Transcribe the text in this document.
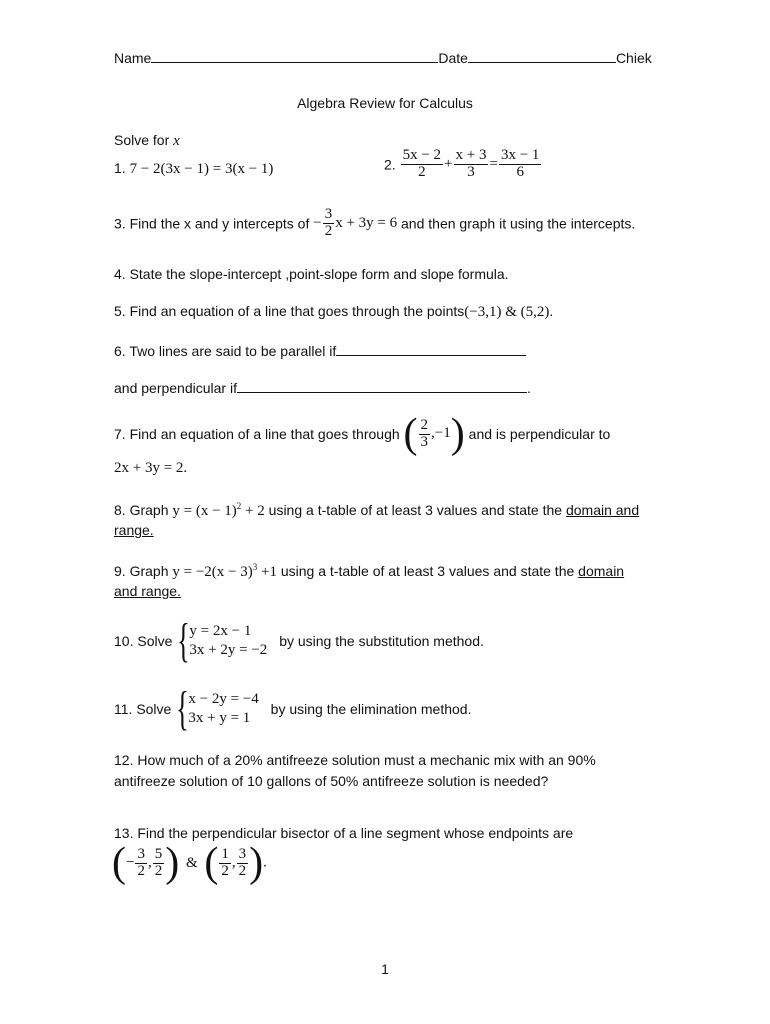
Name	Date	Chiek
Algebra Review for Calculus
Solve for x
1. 7 − 2(3x − 1) = 3(x − 1)	2. $\frac{5x - 2}{2} + \frac{x + 3}{3} = \frac{3x - 1}{6}$
3. Find the x and y intercepts of − $\frac{3}{2}$ x + 3y = 6 and then graph it using the intercepts.
4. State the slope-intercept ,point-slope form and slope formula.
5. Find an equation of a line that goes through the points(−3,1) & (5,2).
6. Two lines are said to be parallel if
and perpendicular if	.
7. Find an equation of a line that goes through ( $\frac{2}{3} ,-1$) and is perpendicular to
2x + 3y = 2.
8. Graph $y = (x - 1)^2 + 2$ using a t-table of at least 3 values and state the domain and
range.
9. Graph $y = -2(x - 3)^3 +1$ using a t-table of at least 3 values and state the domain
and range.
10. Solve { y = 2x − 1
3x + 2y = −2
by using the substitution method.
11. Solve { x − 2y = −4
3x + y = 1
by using the elimination method.
12. How much of a 20% antifreeze solution must a mechanic mix with an 90%
antifreeze solution of 10 gallons of 50% antifreeze solution is needed?
13. Find the perpendicular bisector of a line segment whose endpoints are
(− $\frac{3}{2}$ , $\frac{5}{2}$ ) & ( $\frac{1}{2}$ , $\frac{3}{2}$ ).
1
